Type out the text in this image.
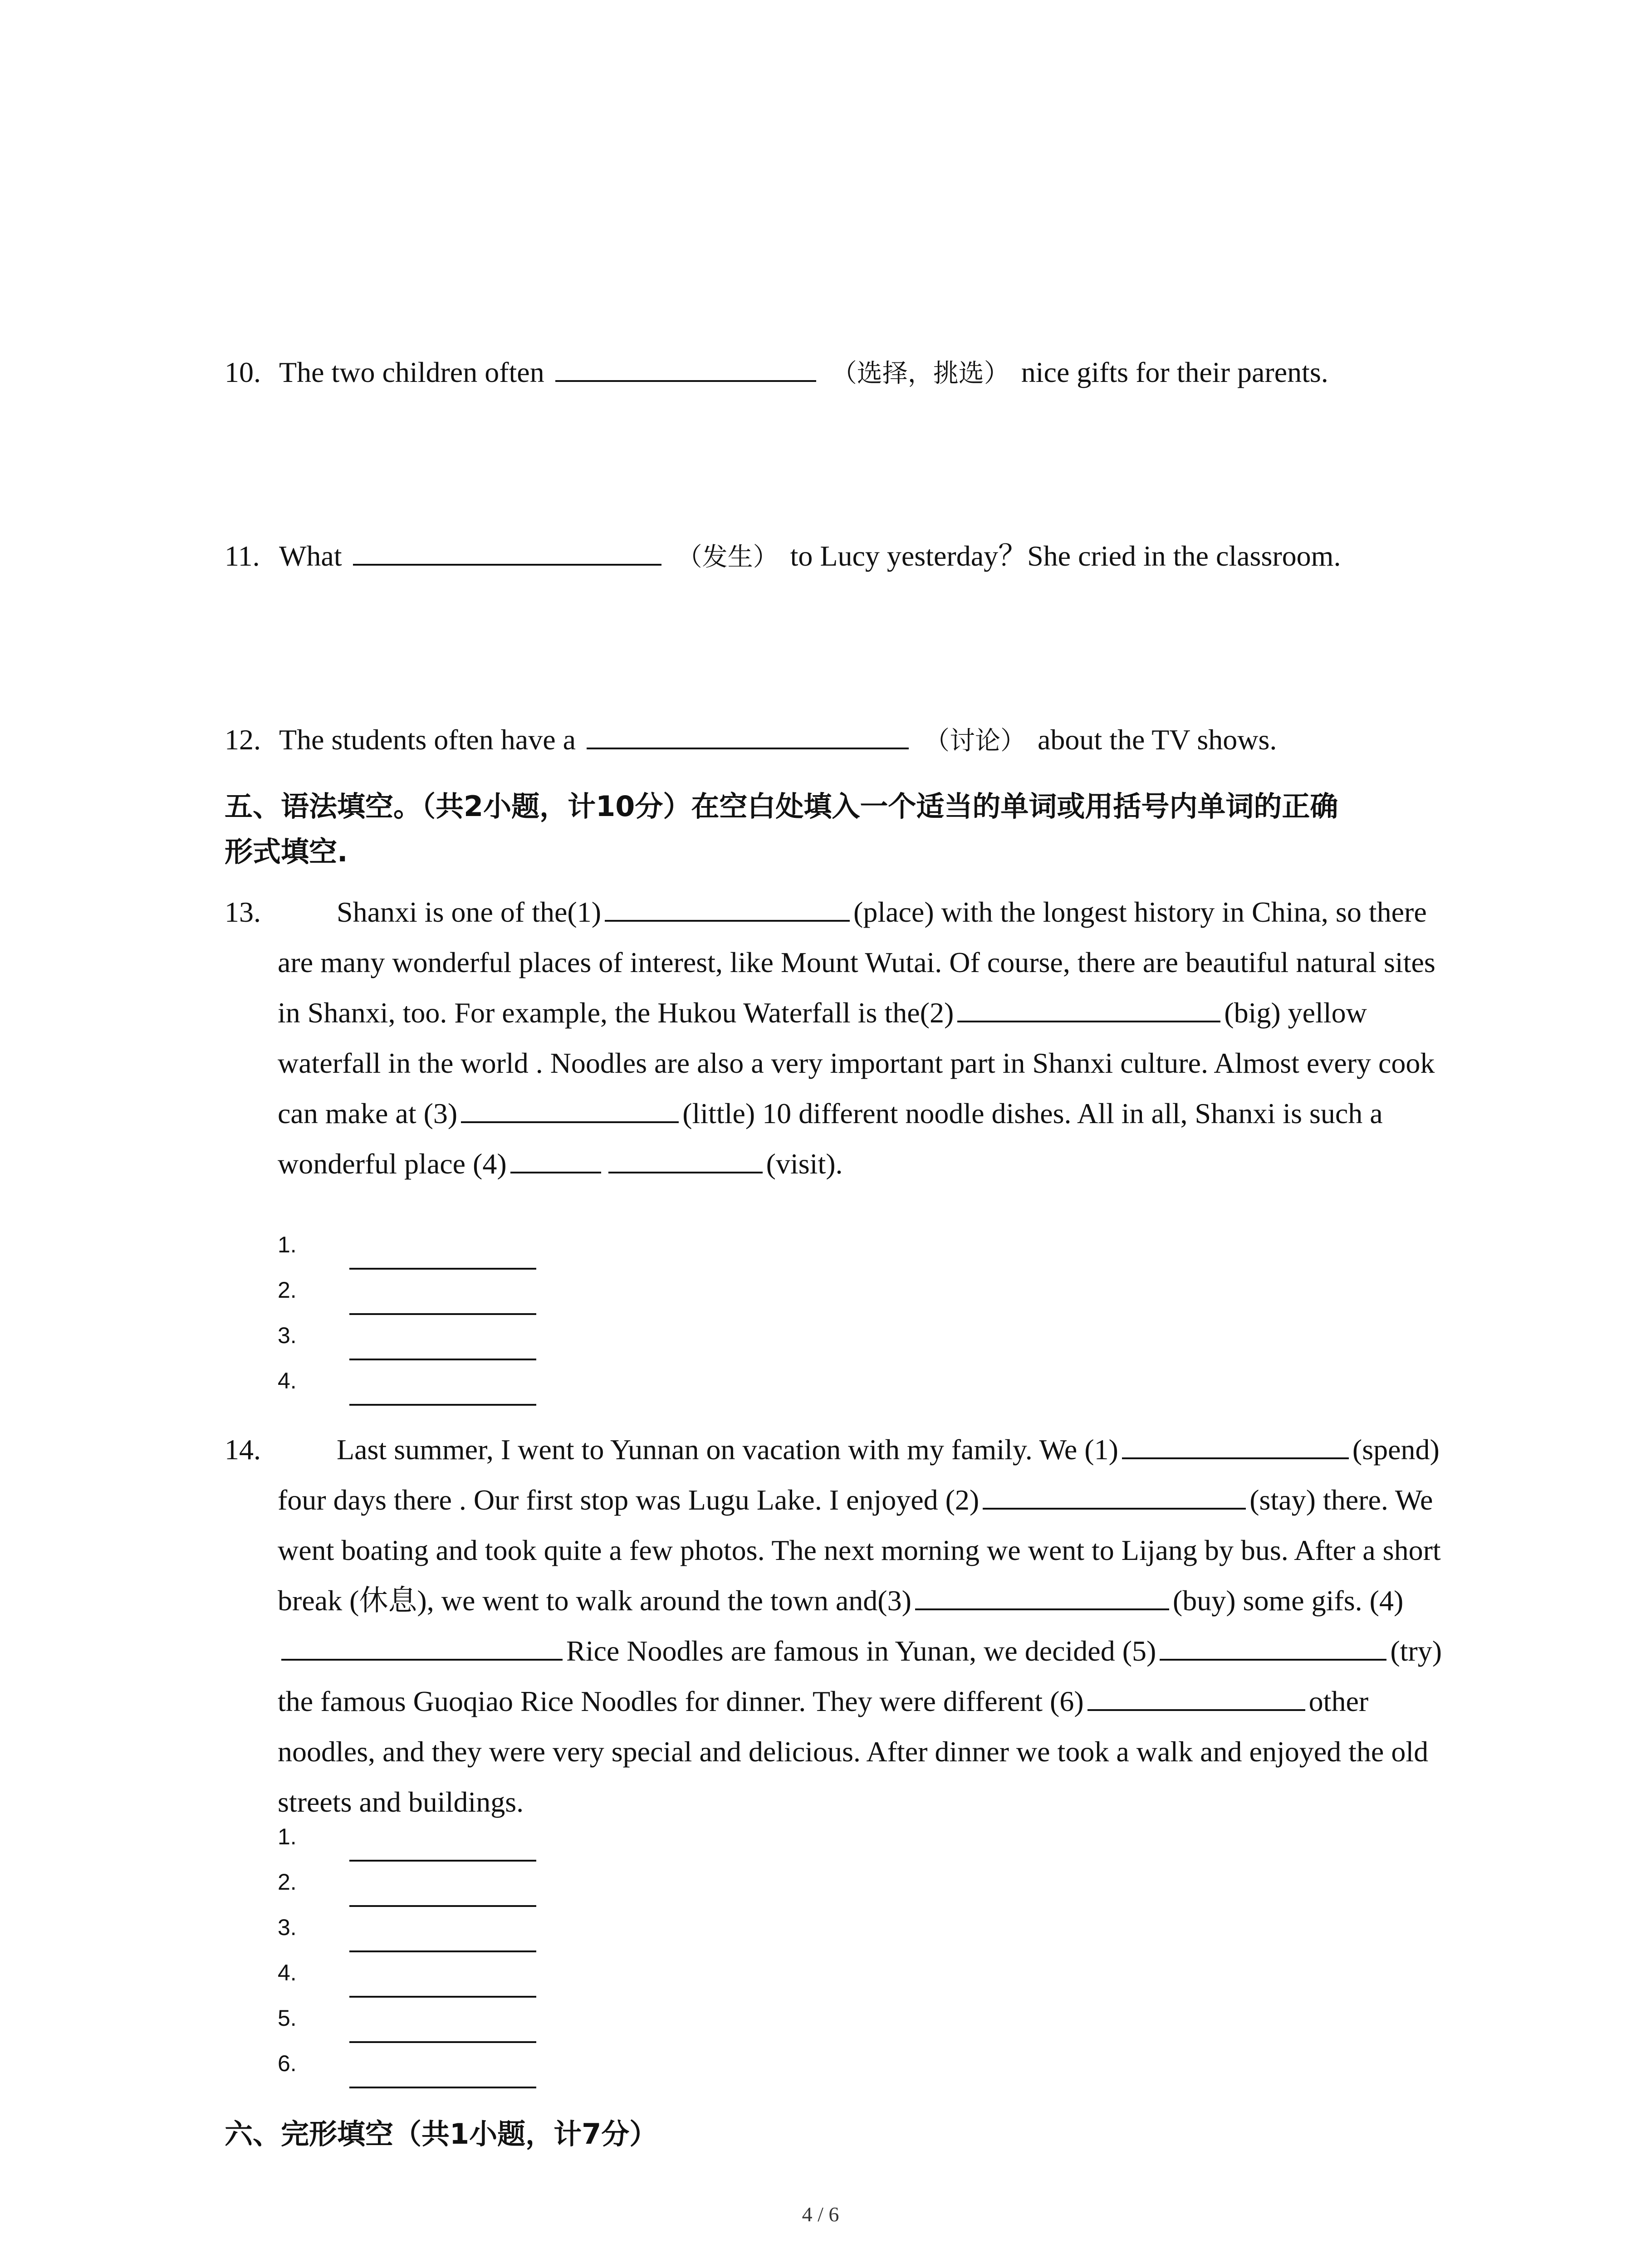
10. The two children often	（选择，挑选） nice gifts for their parents.
11. What	（发生） to Lucy yesterday？She cried in the classroom.
12. The students often have a	（讨论） about the TV shows.
五、语法填空。（共2小题，计10分）在空白处填入一个适当的单词或用括号内单词的正确
形式填空.
13.	Shanxi is one of the(1)	(place) with the longest history in China, so there are many wonderful places of interest, like Mount Wutai. Of course, there are beautiful natural sites in Shanxi, too. For example, the Hukou Waterfall is the(2)	(big) yellow waterfall in the world . Noodles are also a very important part in Shanxi culture. Almost every cook can make at (3)	(little) 10 different noodle dishes. All in all, Shanxi is such a wonderful place (4)	(visit).
1.
2.
3.
4.
14.	Last summer, I went to Yunnan on vacation with my family. We (1)	(spend) four days there . Our first stop was Lugu Lake. I enjoyed (2)	(stay) there. We went boating and took quite a few photos. The next morning we went to Lijang by bus. After a short break (休息), we went to walk around the town and(3)	(buy) some gifs. (4)Rice Noodles are famous in Yunan, we decided (5)	(try) the famous Guoqiao Rice Noodles for dinner. They were different (6)	other noodles, and they were very special and delicious. After dinner we took a walk and enjoyed the old streets and buildings.
1.
2.
3.
4.
5.
6.
六、完形填空（共1小题，计7分）
4 / 6
